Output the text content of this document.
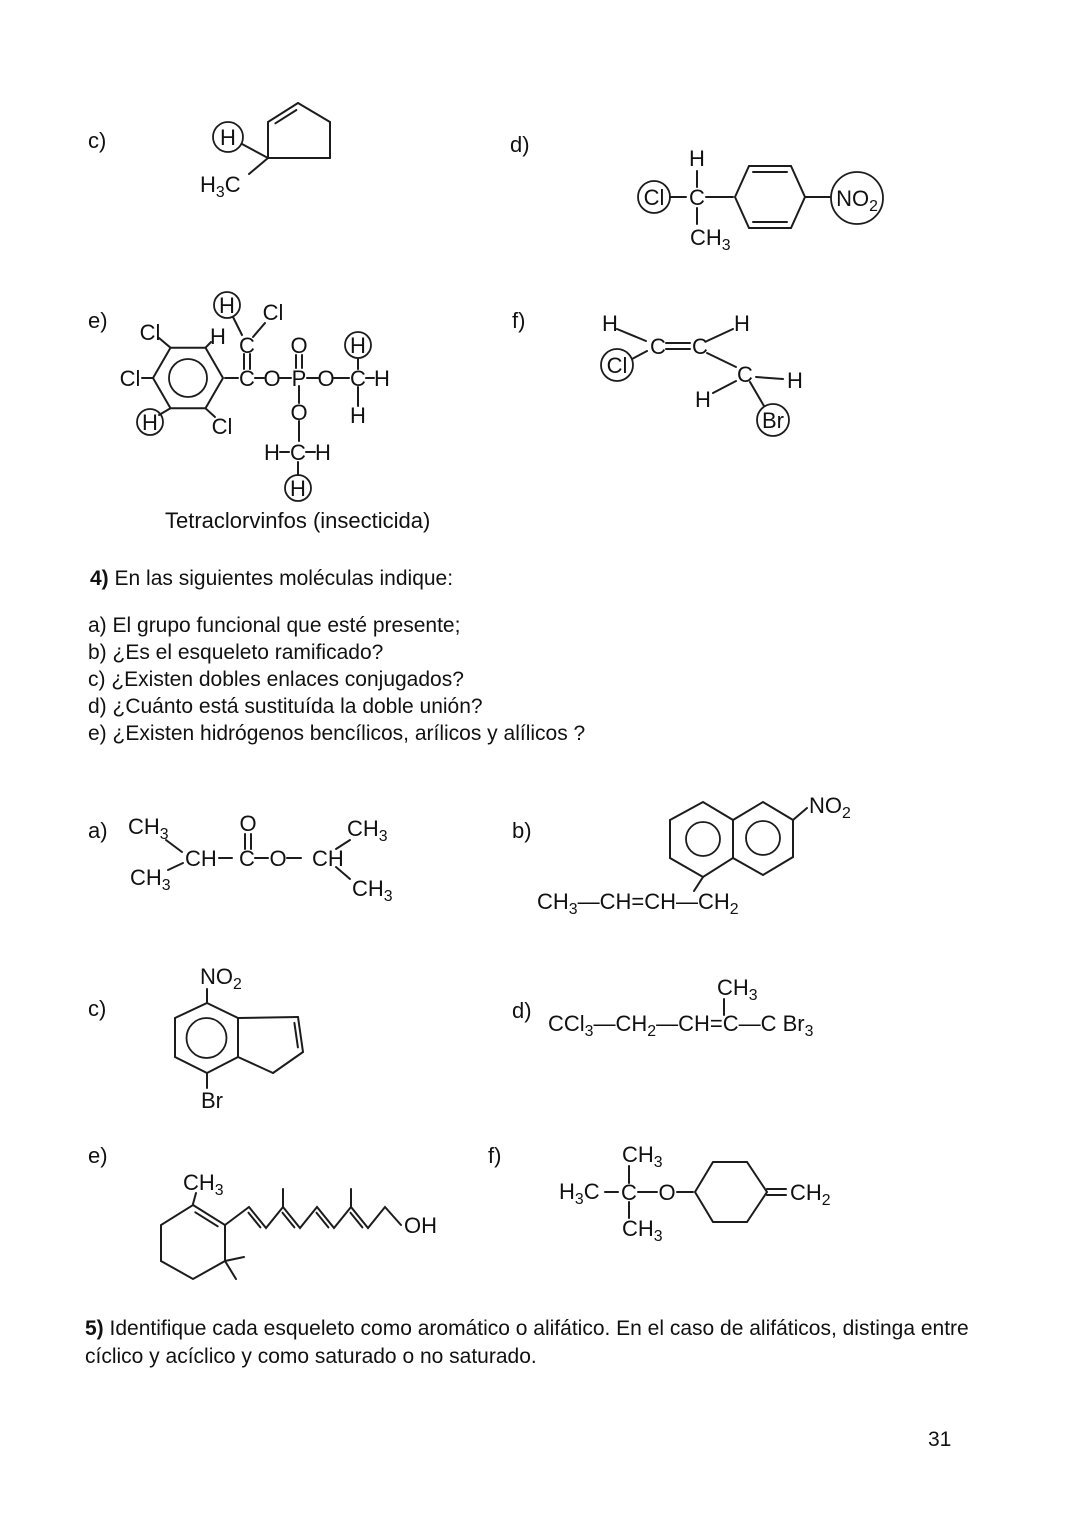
c)	d)
e)	f)
H
$H_3C$
H
C
Cl
$CH_3$
$NO_2$
Cl
Cl
H Cl
H
H Cl
C
C O P O C H
O
O
H C H
H
H
H
Tetraclorvinfos (insecticida)
H
Cl
C C
H
C
H
H
Br
4) En las siguientes moléculas indique:
a) El grupo funcional que esté presente;
b) ¿Es el esqueleto ramificado?
c) ¿Existen dobles enlaces conjugados?
d) ¿Cuánto está sustituída la doble unión?
e) ¿Existen hidrógenos bencílicos, arílicos y alílicos ?
a)	b)
c)	d)
e)	f)
$CH_3$
$CH_3$
CH C
O
O CH
$CH_3$
$CH_3$
$NO_2$
$CH_3—CH=CH—CH_2$
$NO_2$
Br
$CH_3$
$CCl_3—CH_2—CH=C—C$ $Br_3$
$CH_3$
OH
$CH_3$
$H_3C$ C
$CH_3$
O	$CH_2$
5) Identifique cada esqueleto como aromático o alifático. En el caso de alifáticos, distinga entre cíclico y acíclico y como saturado o no saturado.
31
